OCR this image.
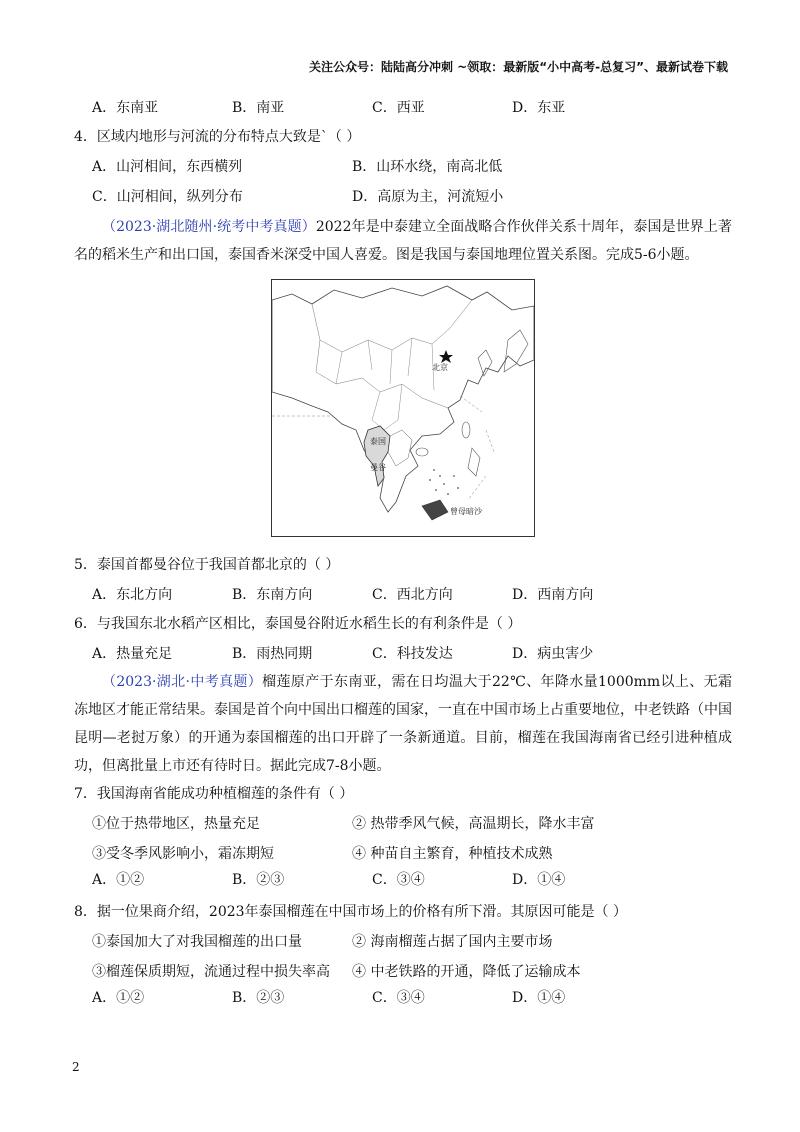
关注公众号：陆陆高分冲刺 ~领取：最新版“小中高考-总复习”、最新试卷下载
A．东南亚	B．南亚	C．西亚	D．东亚

4．区域内地形与河流的分布特点大致是`（ ）

A．山河相间，东西横列	B．山环水绕，南高北低
C．山河相间，纵列分布	D．高原为主，河流短小

（2023·湖北随州·统考中考真题）2022年是中泰建立全面战略合作伙伴关系十周年，泰国是世界上著名的稻米生产和出口国，泰国香米深受中国人喜爱。图是我国与泰国地理位置关系图。完成5-6小题。

北京
泰国
曼谷
曾母暗沙

5．泰国首都曼谷位于我国首都北京的（ ）

A．东北方向	B．东南方向	C．西北方向	D．西南方向

6．与我国东北水稻产区相比，泰国曼谷附近水稻生长的有利条件是（ ）

A．热量充足	B．雨热同期	C．科技发达	D．病虫害少

（2023·湖北·中考真题）榴莲原产于东南亚，需在日均温大于22℃、年降水量1000mm以上、无霜冻地区才能正常结果。泰国是首个向中国出口榴莲的国家，一直在中国市场上占重要地位，中老铁路（中国昆明—老挝万象）的开通为泰国榴莲的出口开辟了一条新通道。目前，榴莲在我国海南省已经引进种植成功，但离批量上市还有待时日。据此完成7-8小题。

7．我国海南省能成功种植榴莲的条件有（ ）

①位于热带地区，热量充足	② 热带季风气候，高温期长，降水丰富
③受冬季风影响小，霜冻期短	④ 种苗自主繁育，种植技术成熟
A．①②	B．②③	C．③④	D．①④

8．据一位果商介绍，2023年泰国榴莲在中国市场上的价格有所下滑。其原因可能是（ ）

①泰国加大了对我国榴莲的出口量	② 海南榴莲占据了国内主要市场
③榴莲保质期短，流通过程中损失率高	④ 中老铁路的开通，降低了运输成本
A．①②	B．②③	C．③④	D．①④
2
